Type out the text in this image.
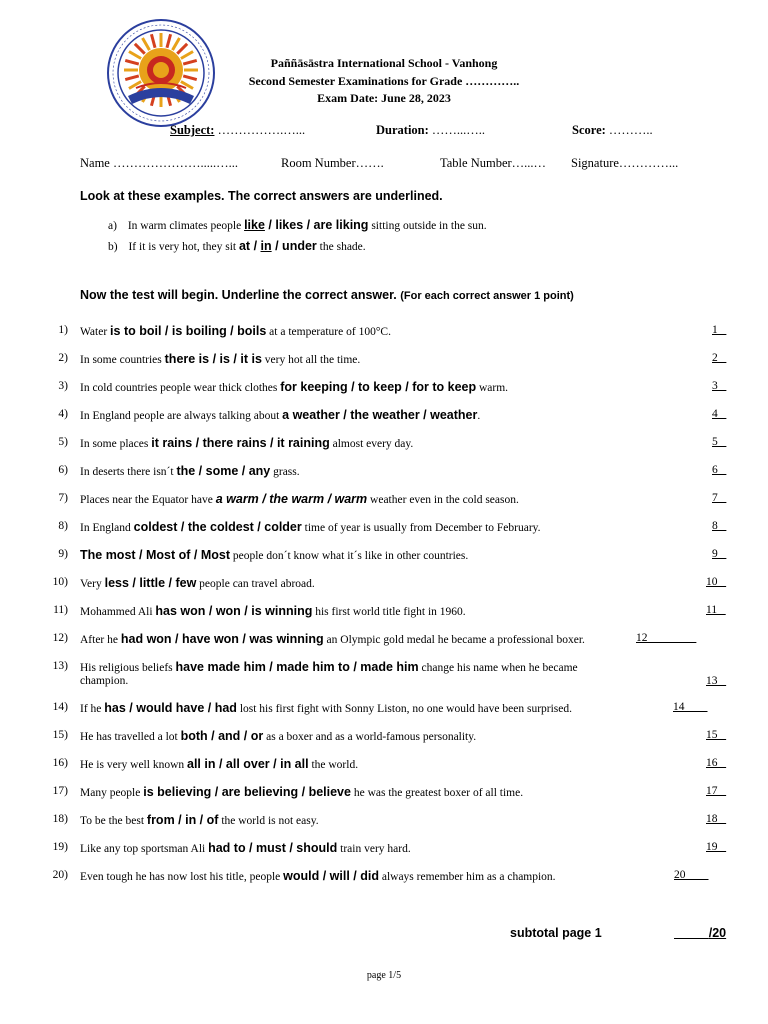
Paññāsāstra International School - Vanhong
Second Semester Examinations for Grade …………..
Exam Date: June 28, 2023
Subject: …………….…...	Duration: ……...…..	Score: ………..
Name ………………….....…...	Room Number…….	Table Number…...… Signature…………...
Look at these examples. The correct answers are underlined.
a) In warm climates people like / likes / are liking sitting outside in the sun.
b) If it is very hot, they sit at / in / under the shade.
Now the test will begin. Underline the correct answer. (For each correct answer 1 point)
1) Water is to boil / is boiling / boils at a temperature of 100°C.	1
2) In some countries there is / is / it is very hot all the time.	2
3) In cold countries people wear thick clothes for keeping / to keep / for to keep warm.	3
4) In England people are always talking about a weather / the weather / weather.	4
5) In some places it rains / there rains / it raining almost every day.	5
6) In deserts there isn´t the / some / any grass.	6
7) Places near the Equator have a warm / the warm / warm weather even in the cold season.	7
8) In England coldest / the coldest / colder time of year is usually from December to February.	8
9) The most / Most of / Most people don´t know what it´s like in other countries.	9
10) Very less / little / few people can travel abroad.	10
11) Mohammed Ali has won / won / is winning his first world title fight in 1960.	11
12) After he had won / have won / was winning an Olympic gold medal he became a professional boxer.	12
13) His religious beliefs have made him / made him to / made him change his name when he became
champion.	13
14) If he has / would have / had lost his first fight with Sonny Liston, no one would have been surprised.	14
15) He has travelled a lot both / and / or as a boxer and as a world-famous personality.	15
16) He is very well known all in / all over / in all the world.	16
17) Many people is believing / are believing / believe he was the greatest boxer of all time.	17
18) To be the best from / in / of the world is not easy.	18
19) Like any top sportsman Ali had to / must / should train very hard.	19
20) Even tough he has now lost his title, people would / will / did always remember him as a champion.	20
subtotal page 1	/20
page 1/5
